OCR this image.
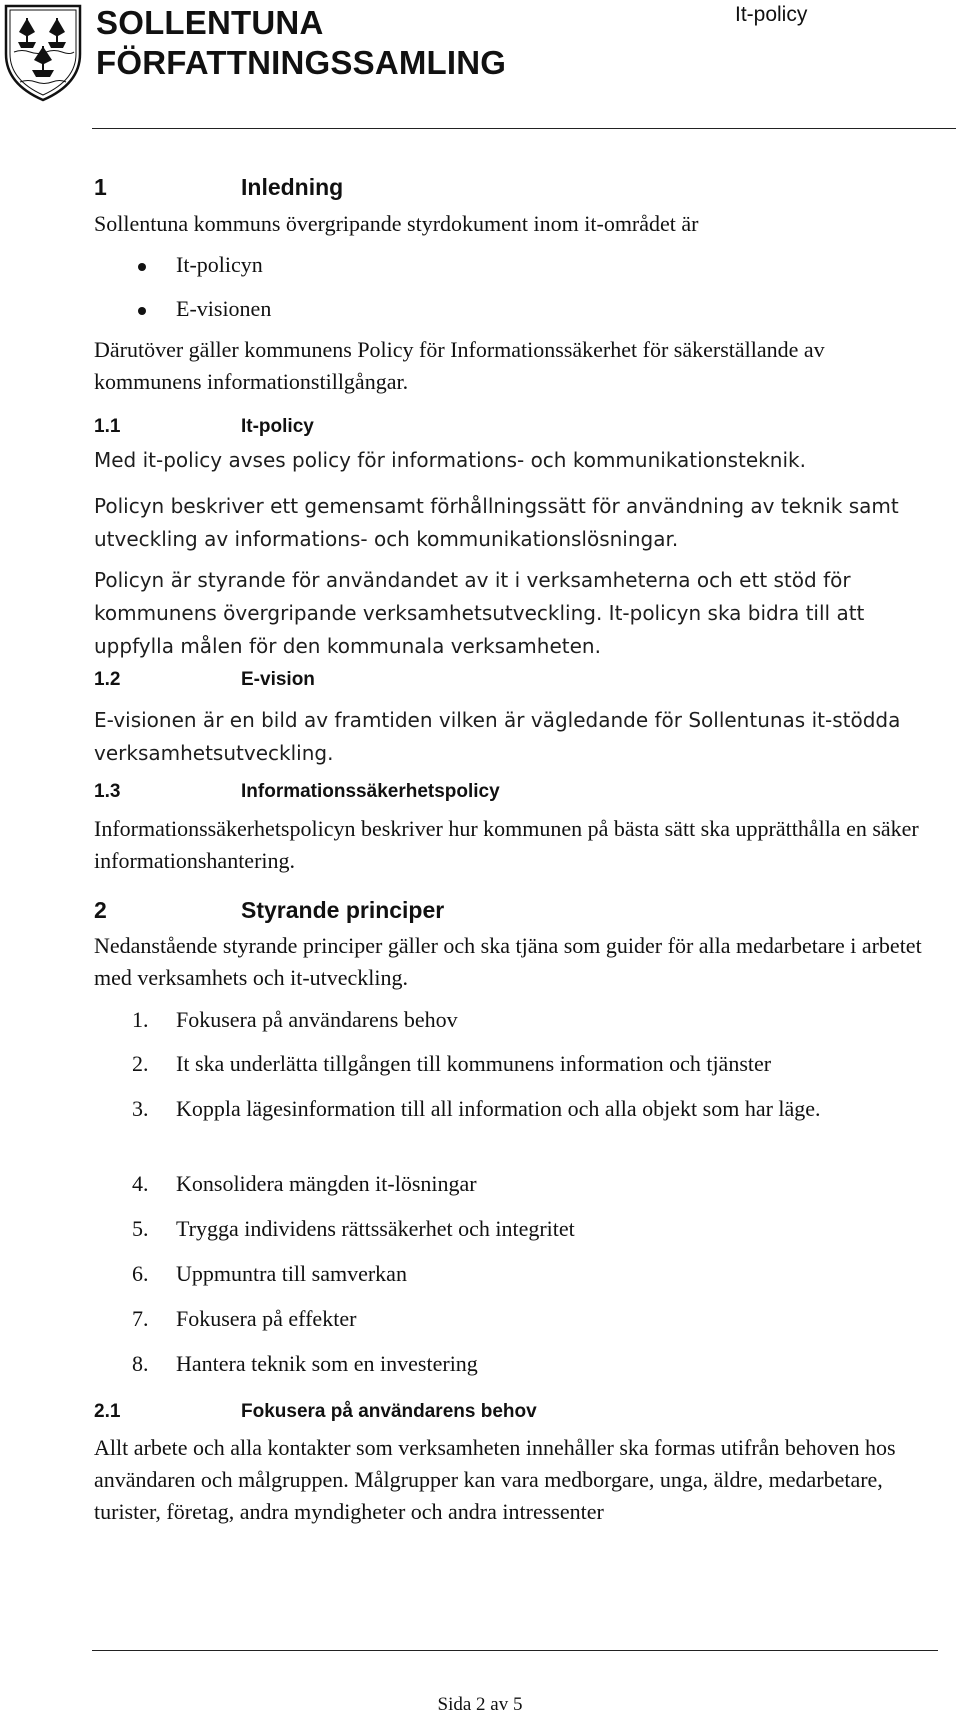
SOLLENTUNA
FÖRFATTNINGSSAMLING
It-policy
1	Inledning
Sollentuna kommuns övergripande styrdokument inom it-området är
It-policyn
E-visionen
Därutöver gäller kommunens Policy för Informationssäkerhet för säkerställande av kommunens informationstillgångar.
1.1	It-policy
Med it-policy avses policy för informations- och kommunikationsteknik.
Policyn beskriver ett gemensamt förhållningssätt för användning av teknik samt utveckling av informations- och kommunikationslösningar.
Policyn är styrande för användandet av it i verksamheterna och ett stöd för kommunens övergripande verksamhetsutveckling. It-policyn ska bidra till att uppfylla målen för den kommunala verksamheten.
1.2	E-vision
E-visionen är en bild av framtiden vilken är vägledande för Sollentunas it-stödda verksamhetsutveckling.
1.3	Informationssäkerhetspolicy
Informationssäkerhetspolicyn beskriver hur kommunen på bästa sätt ska upprätthålla en säker informationshantering.
2	Styrande principer
Nedanstående styrande principer gäller och ska tjäna som guider för alla medarbetare i arbetet med verksamhets och it-utveckling.
1. Fokusera på användarens behov
2. It ska underlätta tillgången till kommunens information och tjänster
3. Koppla lägesinformation till all information och alla objekt som har läge.
4. Konsolidera mängden it-lösningar
5. Trygga individens rättssäkerhet och integritet
6. Uppmuntra till samverkan
7. Fokusera på effekter
8. Hantera teknik som en investering
2.1	Fokusera på användarens behov
Allt arbete och alla kontakter som verksamheten innehåller ska formas utifrån behoven hos användaren och målgruppen. Målgrupper kan vara medborgare, unga, äldre, medarbetare, turister, företag, andra myndigheter och andra intressenter
Sida 2 av 5
